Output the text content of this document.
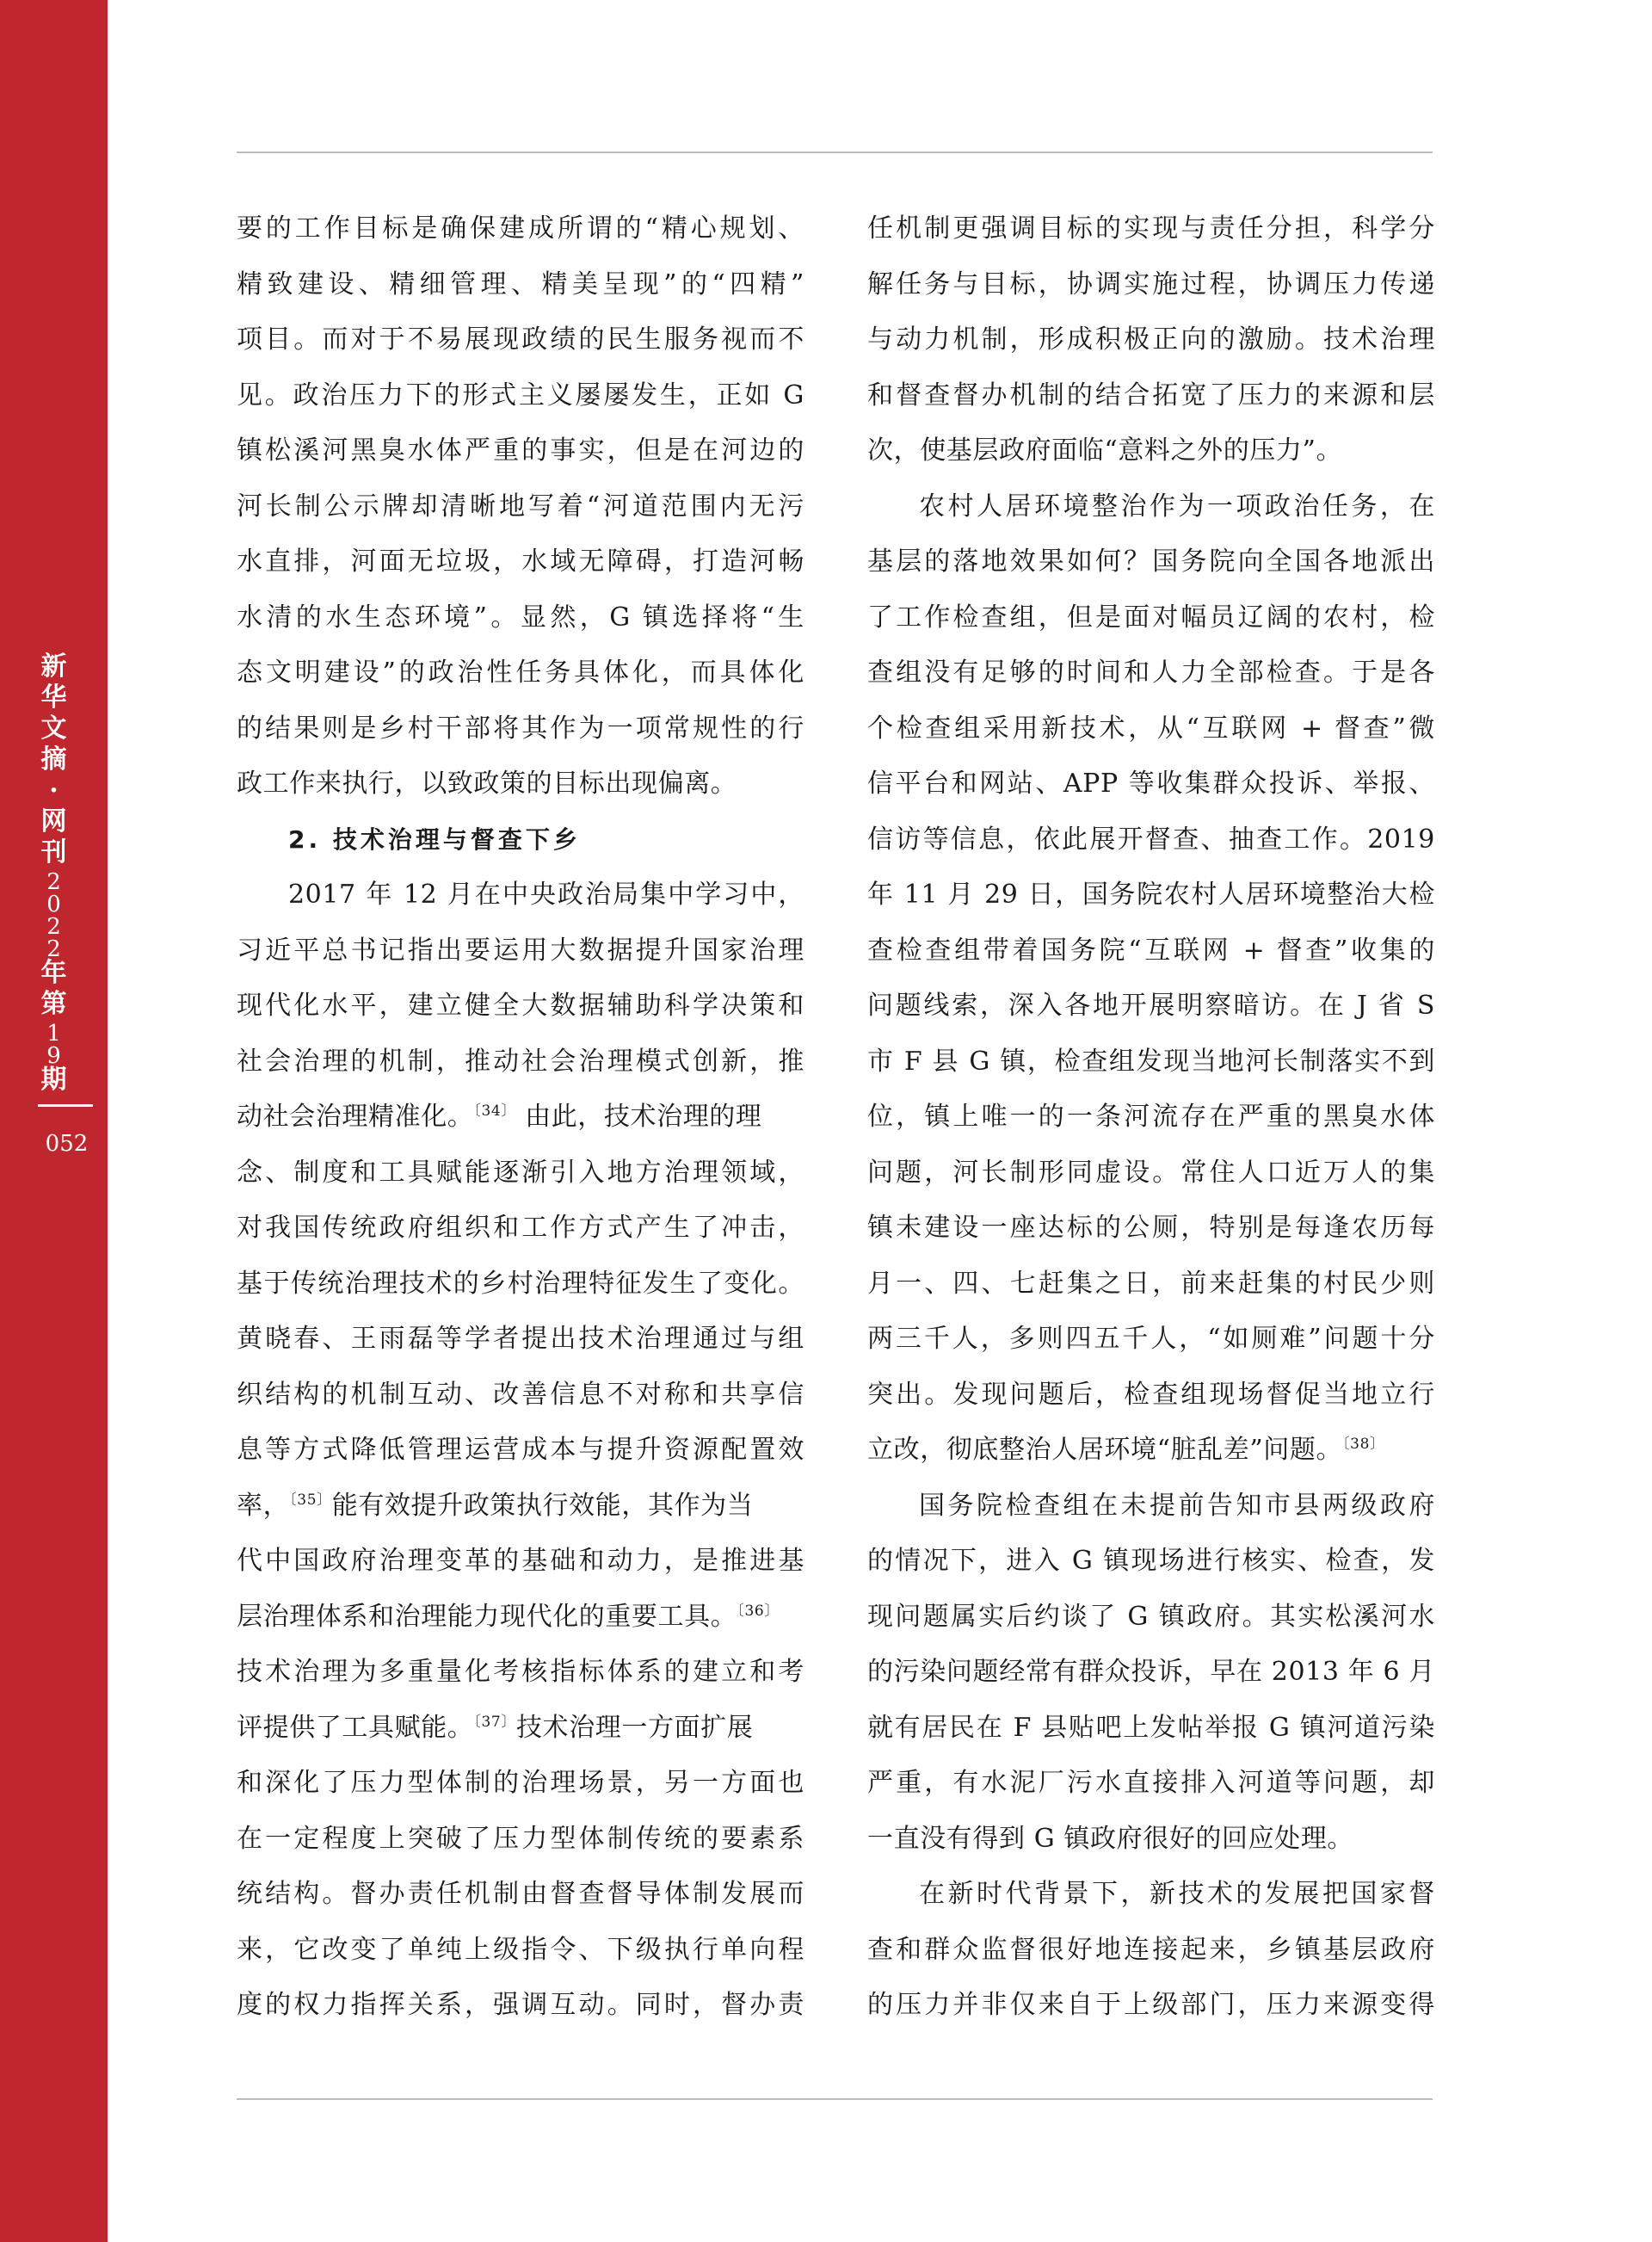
新
华
文
摘
·
网
刊
2
0
2
2
年
第
1
9
期
052
要的工作目标是确保建成所谓的“精心规划、
精致建设、精细管理、精美呈现”的“四精”
项目。而对于不易展现政绩的民生服务视而不
见。政治压力下的形式主义屡屡发生，正如 G
镇松溪河黑臭水体严重的事实，但是在河边的
河长制公示牌却清晰地写着“河道范围内无污
水直排，河面无垃圾，水域无障碍，打造河畅
水清的水生态环境”。显然，G 镇选择将“生
态文明建设”的政治性任务具体化，而具体化
的结果则是乡村干部将其作为一项常规性的行
政工作来执行，以致政策的目标出现偏离。
2. 技术治理与督查下乡
2017 年 12 月在中央政治局集中学习中，
习近平总书记指出要运用大数据提升国家治理
现代化水平，建立健全大数据辅助科学决策和
社会治理的机制，推动社会治理模式创新，推
动社会治理精准化。$^{〔34〕}$ 由此，技术治理的理
念、制度和工具赋能逐渐引入地方治理领域，
对我国传统政府组织和工作方式产生了冲击，
基于传统治理技术的乡村治理特征发生了变化。
黄晓春、王雨磊等学者提出技术治理通过与组
织结构的机制互动、改善信息不对称和共享信
息等方式降低管理运营成本与提升资源配置效
率，$^{〔35〕}$能有效提升政策执行效能，其作为当
代中国政府治理变革的基础和动力，是推进基
层治理体系和治理能力现代化的重要工具。$^{〔36〕}$
技术治理为多重量化考核指标体系的建立和考
评提供了工具赋能。$^{〔37〕}$技术治理一方面扩展
和深化了压力型体制的治理场景，另一方面也
在一定程度上突破了压力型体制传统的要素系
统结构。督办责任机制由督查督导体制发展而
来，它改变了单纯上级指令、下级执行单向程
度的权力指挥关系，强调互动。同时，督办责
任机制更强调目标的实现与责任分担，科学分
解任务与目标，协调实施过程，协调压力传递
与动力机制，形成积极正向的激励。技术治理
和督查督办机制的结合拓宽了压力的来源和层
次，使基层政府面临“意料之外的压力”。
农村人居环境整治作为一项政治任务，在
基层的落地效果如何？国务院向全国各地派出
了工作检查组，但是面对幅员辽阔的农村，检
查组没有足够的时间和人力全部检查。于是各
个检查组采用新技术，从“互联网 + 督查”微
信平台和网站、APP 等收集群众投诉、举报、
信访等信息，依此展开督查、抽查工作。2019
年 11 月 29 日，国务院农村人居环境整治大检
查检查组带着国务院“互联网 + 督查”收集的
问题线索，深入各地开展明察暗访。在 J 省 S
市 F 县 G 镇，检查组发现当地河长制落实不到
位，镇上唯一的一条河流存在严重的黑臭水体
问题，河长制形同虚设。常住人口近万人的集
镇未建设一座达标的公厕，特别是每逢农历每
月一、四、七赶集之日，前来赶集的村民少则
两三千人，多则四五千人，“如厕难”问题十分
突出。发现问题后，检查组现场督促当地立行
立改，彻底整治人居环境“脏乱差”问题。$^{〔38〕}$
国务院检查组在未提前告知市县两级政府
的情况下，进入 G 镇现场进行核实、检查，发
现问题属实后约谈了 G 镇政府。其实松溪河水
的污染问题经常有群众投诉，早在 2013 年 6 月
就有居民在 F 县贴吧上发帖举报 G 镇河道污染
严重，有水泥厂污水直接排入河道等问题，却
一直没有得到 G 镇政府很好的回应处理。
在新时代背景下，新技术的发展把国家督
查和群众监督很好地连接起来，乡镇基层政府
的压力并非仅来自于上级部门，压力来源变得
